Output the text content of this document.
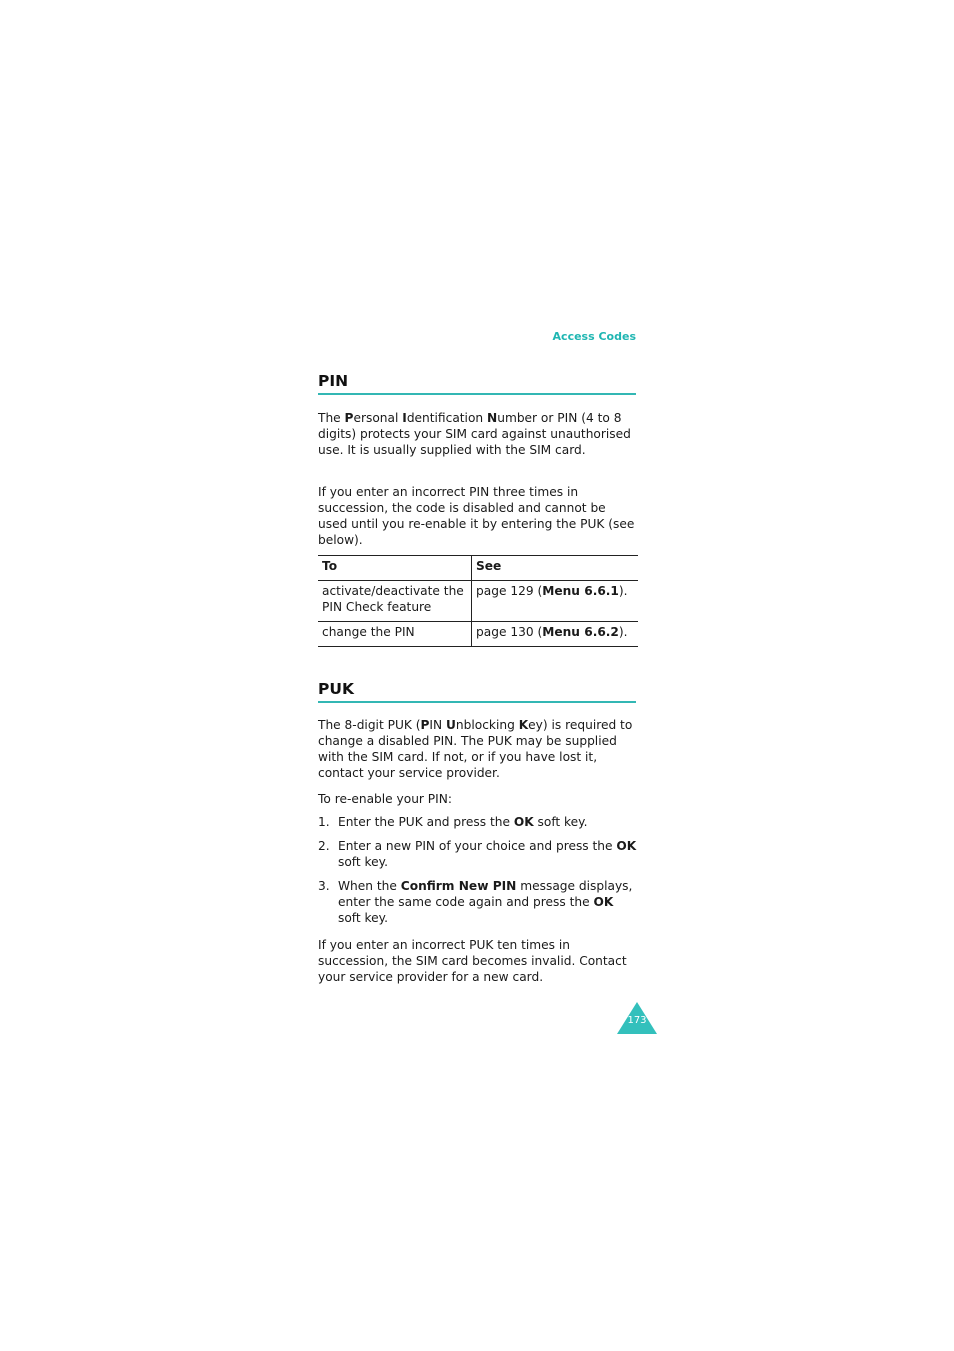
Access Codes
PIN

The Personal Identification Number or PIN (4 to 8 digits) protects your SIM card against unauthorised use. It is usually supplied with the SIM card.

If you enter an incorrect PIN three times in succession, the code is disabled and cannot be used until you re-enable it by entering the PUK (see below).

To	See
activate/deactivate the PIN Check feature	page 129 (Menu 6.6.1).
change the PIN	page 130 (Menu 6.6.2).
PUK

The 8-digit PUK (PIN Unblocking Key) is required to change a disabled PIN. The PUK may be supplied with the SIM card. If not, or if you have lost it, contact your service provider.

To re-enable your PIN:

1. Enter the PUK and press the OK soft key.
2. Enter a new PIN of your choice and press the OK soft key.
3. When the Confirm New PIN message displays, enter the same code again and press the OK soft key.

If you enter an incorrect PUK ten times in succession, the SIM card becomes invalid. Contact your service provider for a new card.

173
